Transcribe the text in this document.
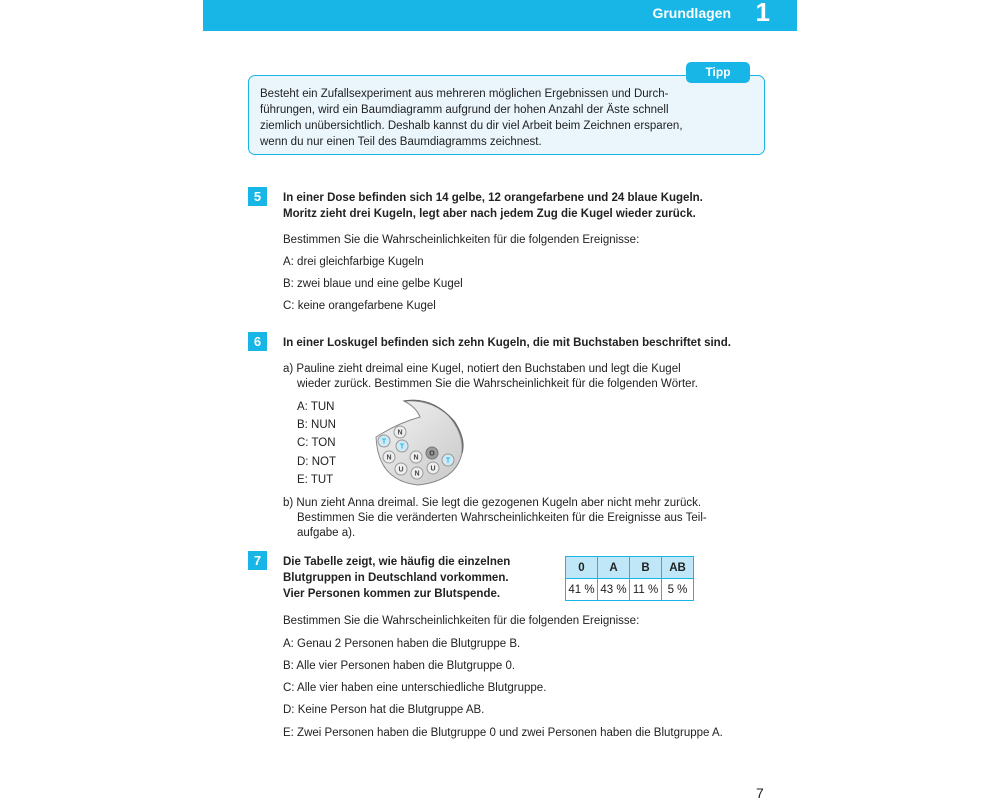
Grundlagen 1
Tipp
Besteht ein Zufallsexperiment aus mehreren möglichen Ergebnissen und Durch-
führungen, wird ein Baumdiagramm aufgrund der hohen Anzahl der Äste schnell
ziemlich unübersichtlich. Deshalb kannst du dir viel Arbeit beim Zeichnen ersparen,
wenn du nur einen Teil des Baumdiagramms zeichnest.
5	In einer Dose befinden sich 14 gelbe, 12 orangefarbene und 24 blaue Kugeln.
Moritz zieht drei Kugeln, legt aber nach jedem Zug die Kugel wieder zurück.
Bestimmen Sie die Wahrscheinlichkeiten für die folgenden Ereignisse:
A: drei gleichfarbige Kugeln
B: zwei blaue und eine gelbe Kugel
C: keine orangefarbene Kugel
6	In einer Loskugel befinden sich zehn Kugeln, die mit Buchstaben beschriftet sind.
a) Pauline zieht dreimal eine Kugel, notiert den Buchstaben und legt die Kugel
wieder zurück. Bestimmen Sie die Wahrscheinlichkeit für die folgenden Wörter.
A: TUN
B: NUN
C: TON
D: NOT
E: TUT
N
T
T
N	N
O
T
U
N
U
b) Nun zieht Anna dreimal. Sie legt die gezogenen Kugeln aber nicht mehr zurück.
Bestimmen Sie die veränderten Wahrscheinlichkeiten für die Ereignisse aus Teil-
aufgabe a).
7	Die Tabelle zeigt, wie häufig die einzelnen
Blutgruppen in Deutschland vorkommen.
Vier Personen kommen zur Blutspende.
0	A	B	AB
41 %	43 %	11 %	5 %
Bestimmen Sie die Wahrscheinlichkeiten für die folgenden Ereignisse:
A: Genau 2 Personen haben die Blutgruppe B.
B: Alle vier Personen haben die Blutgruppe 0.
C: Alle vier haben eine unterschiedliche Blutgruppe.
D: Keine Person hat die Blutgruppe AB.
E: Zwei Personen haben die Blutgruppe 0 und zwei Personen haben die Blutgruppe A.
7
